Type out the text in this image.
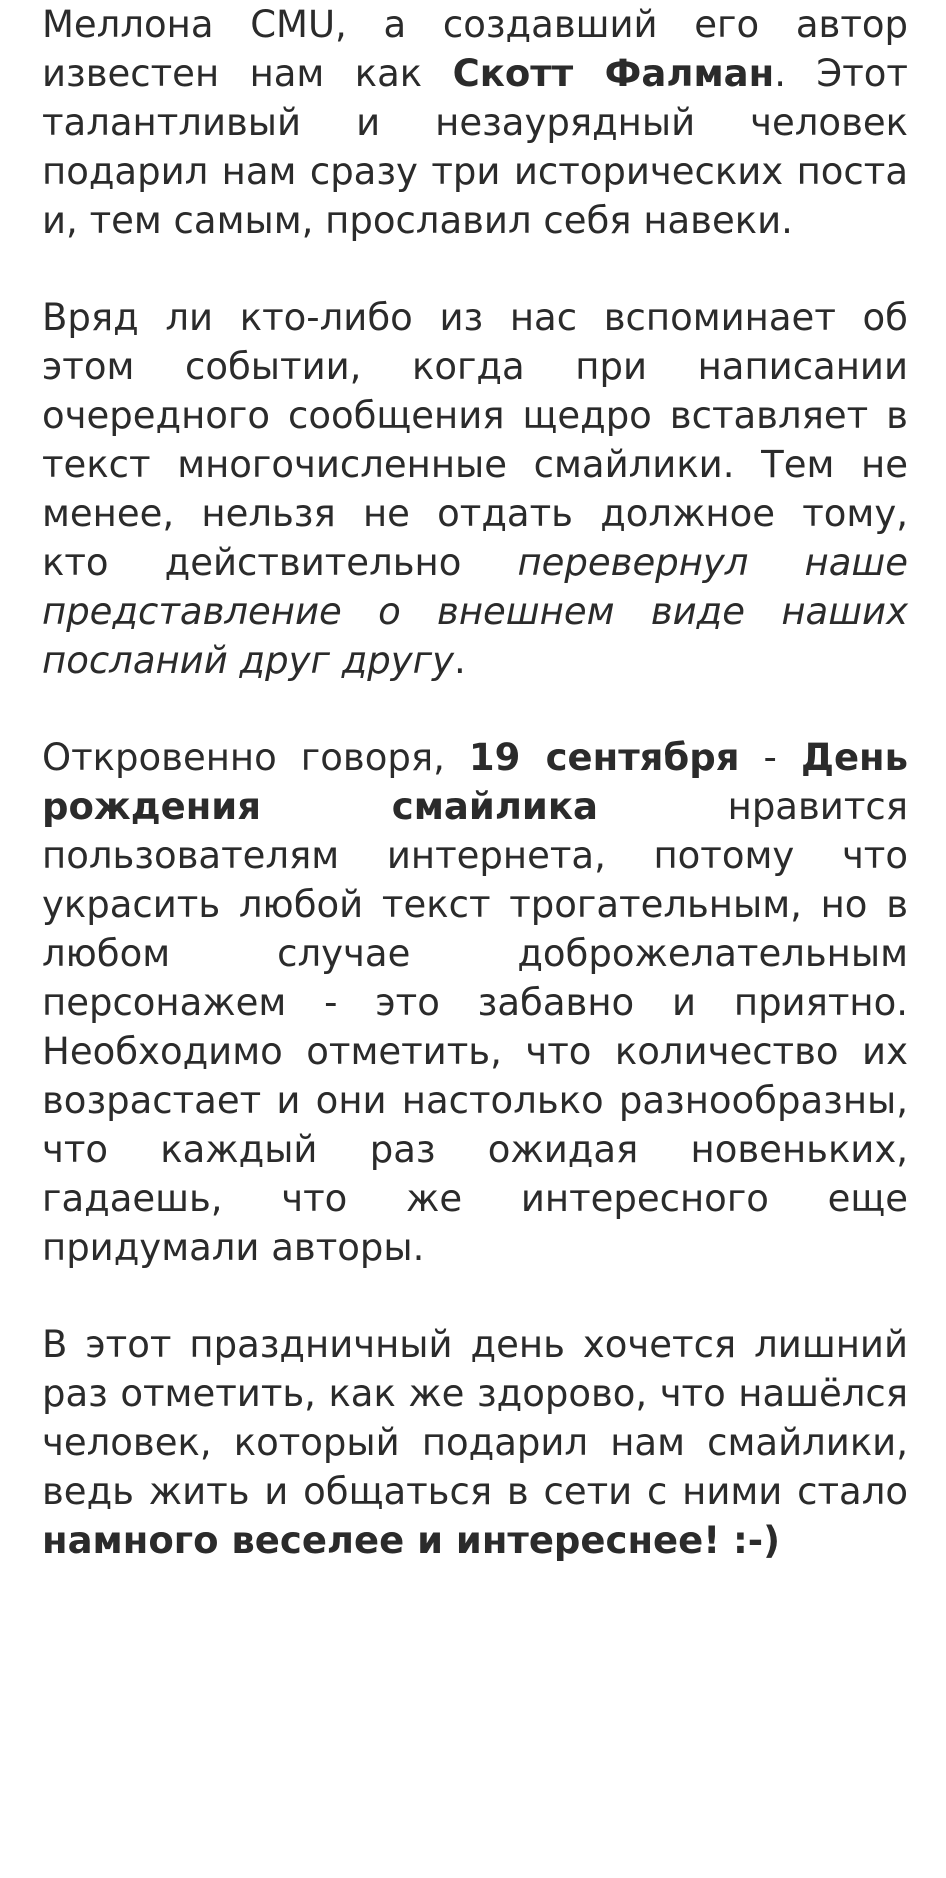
Меллона CMU, а создавший его автор известен нам как Скотт Фалман. Этот талантливый и незаурядный человек подарил нам сразу три исторических поста и, тем самым, прославил себя навеки.

Вряд ли кто-либо из нас вспоминает об этом событии, когда при написании очередного сообщения щедро вставляет в текст многочисленные смайлики. Тем не менее, нельзя не отдать должное тому, кто действительно перевернул наше представление о внешнем виде наших посланий друг другу.

Откровенно говоря, 19 сентября - День рождения смайлика нравится пользователям интернета, потому что украсить любой текст трогательным, но в любом случае доброжелательным персонажем - это забавно и приятно. Необходимо отметить, что количество их возрастает и они настолько разнообразны, что каждый раз ожидая новеньких, гадаешь, что же интересного еще придумали авторы.

В этот праздничный день хочется лишний раз отметить, как же здорово, что нашёлся человек, который подарил нам смайлики, ведь жить и общаться в сети с ними стало намного веселее и интереснее! :-)
